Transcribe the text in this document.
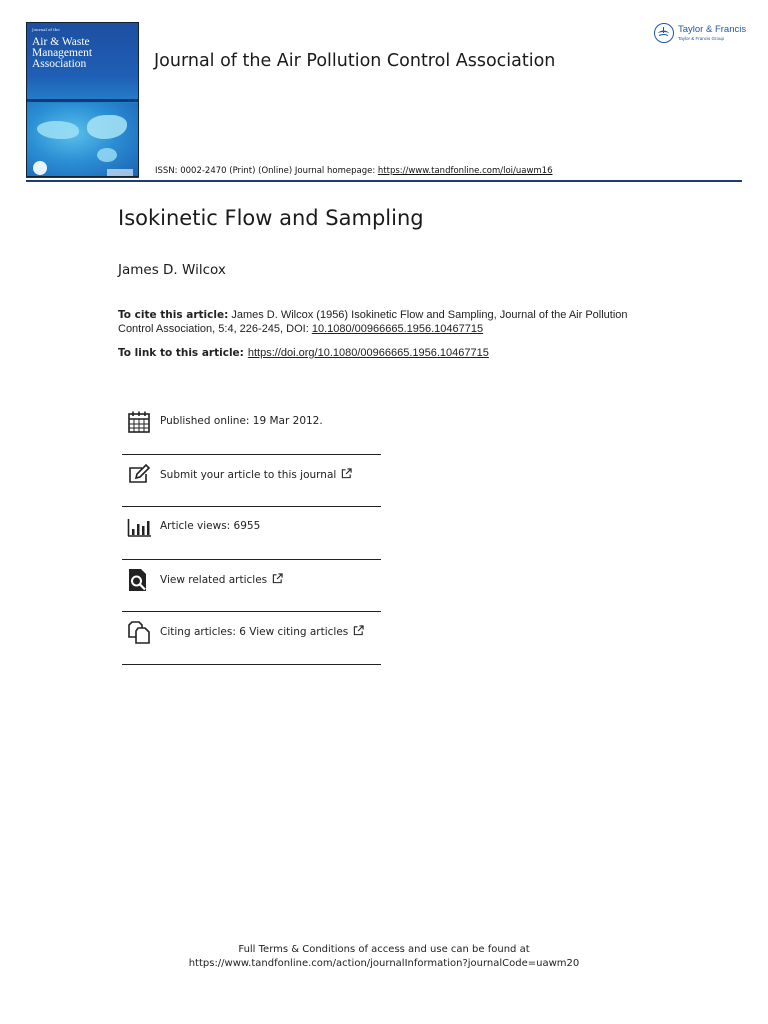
Journal of the
Air & Waste
Management
Association	Journal of the Air Pollution Control Association
Taylor & Francis
Taylor & Francis Group
ISSN: 0002-2470 (Print) (Online) Journal homepage: https://www.tandfonline.com/loi/uawm16
Isokinetic Flow and Sampling
James D. Wilcox
To cite this article: James D. Wilcox (1956) Isokinetic Flow and Sampling, Journal of the Air Pollution Control Association, 5:4, 226-245, DOI: 10.1080/00966665.1956.10467715
To link to this article: https://doi.org/10.1080/00966665.1956.10467715
Published online: 19 Mar 2012.
Submit your article to this journal
Article views: 6955
View related articles
Citing articles: 6 View citing articles
Full Terms & Conditions of access and use can be found at
https://www.tandfonline.com/action/journalInformation?journalCode=uawm20
